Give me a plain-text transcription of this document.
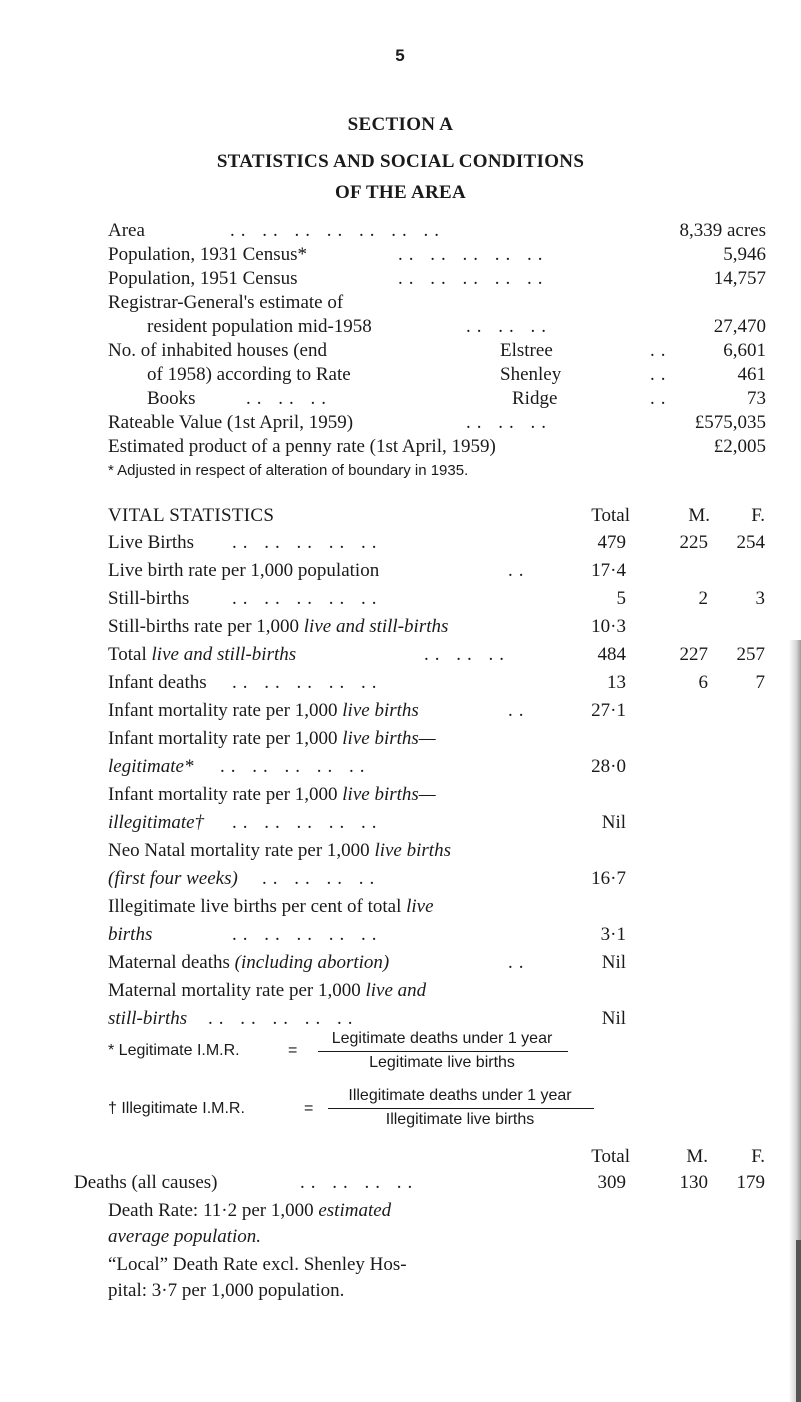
5
SECTION A
STATISTICS AND SOCIAL CONDITIONS
OF THE AREA
Area	.. .. .. .. .. .. ..	8,339 acres
Population, 1931 Census*	.. .. .. .. ..	5,946
Population, 1951 Census	.. .. .. .. ..	14,757
Registrar-General's estimate of
resident population mid-1958	.. .. ..	27,470
No. of inhabited houses (end
of 1958) according to Rate
Books	.. .. ..
Elstree	..	6,601
Shenley	..	461
Ridge	..	73
Rateable Value (1st April, 1959)	.. .. ..	£575,035
Estimated product of a penny rate (1st April, 1959)	£2,005
* Adjusted in respect of alteration of boundary in 1935.
VITAL STATISTICS	Total	M.	F.
Live Births .. .. .. .. ..	479	225	254
Live birth rate per 1,000 population	..	17·4
Still-births .. .. .. .. ..	5	2	3
Still-births rate per 1,000 live and still-births	10·3
Total live and still-births	.. .. ..	484	227	257
Infant deaths .. .. .. .. ..	13	6	7
Infant mortality rate per 1,000 live births	..	27·1
Infant mortality rate per 1,000 live births—
legitimate* .. .. .. .. ..	28·0
Infant mortality rate per 1,000 live births—
illegitimate† .. .. .. .. ..	Nil
Neo Natal mortality rate per 1,000 live births
(first four weeks) .. .. .. ..	16·7
Illegitimate live births per cent of total live
births	.. .. .. .. ..	3·1
Maternal deaths (including abortion)	..	Nil
Maternal mortality rate per 1,000 live and
still-births .. .. .. .. ..	Nil
* Legitimate I.M.R.	=
Legitimate deaths under 1 year
Legitimate live births
† Illegitimate I.M.R.	=
Illegitimate deaths under 1 year
Illegitimate live births
Total	M.	F.
Deaths (all causes)	.. .. .. ..	309	130	179
Death Rate: 11·2 per 1,000 estimated
average population.
“Local” Death Rate excl. Shenley Hos-
pital: 3·7 per 1,000 population.
